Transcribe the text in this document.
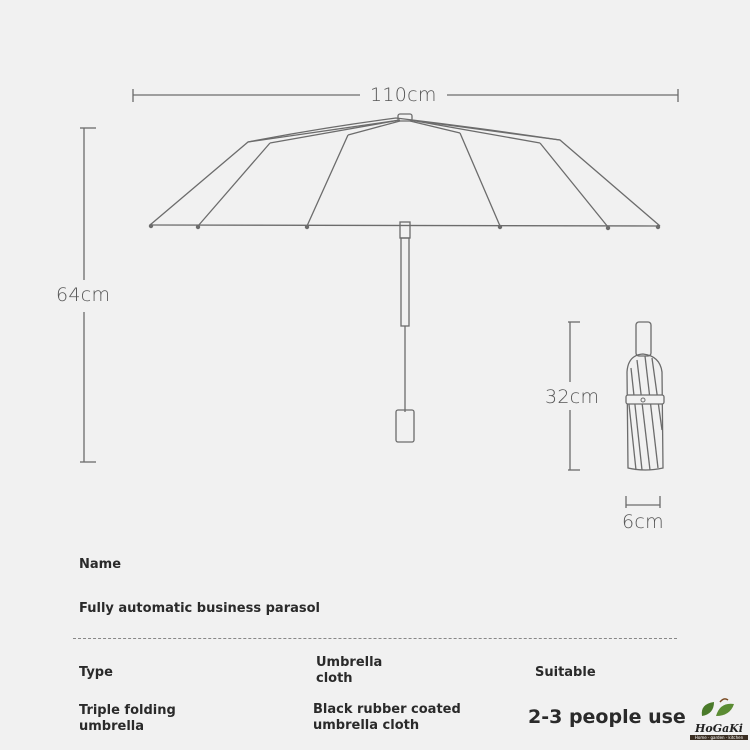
110cm
64cm
32cm
6cm
Name
Fully automatic business parasol
Type
Umbrella
cloth	Suitable
Triple folding
umbrella
Black rubber coated
umbrella cloth	2-3 people use
HoGaKi
Home · garden · kitchen
